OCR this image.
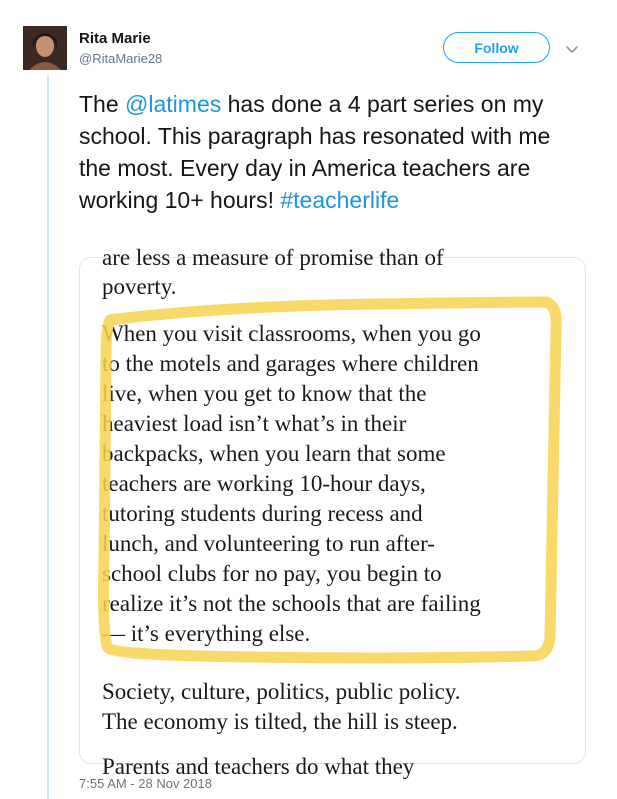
Rita Marie
@RitaMarie28
Follow
The @latimes has done a 4 part series on my school. This paragraph has resonated with me the most. Every day in America teachers are working 10+ hours! #teacherlife
are less a measure of promise than of
poverty.
When you visit classrooms, when you go
to the motels and garages where children
live, when you get to know that the
heaviest load isn’t what’s in their
backpacks, when you learn that some
teachers are working 10-hour days,
tutoring students during recess and
lunch, and volunteering to run after-
school clubs for no pay, you begin to
realize it’s not the schools that are failing
— it’s everything else.
Society, culture, politics, public policy.
The economy is tilted, the hill is steep.
Parents and teachers do what they
7:55 AM - 28 Nov 2018
